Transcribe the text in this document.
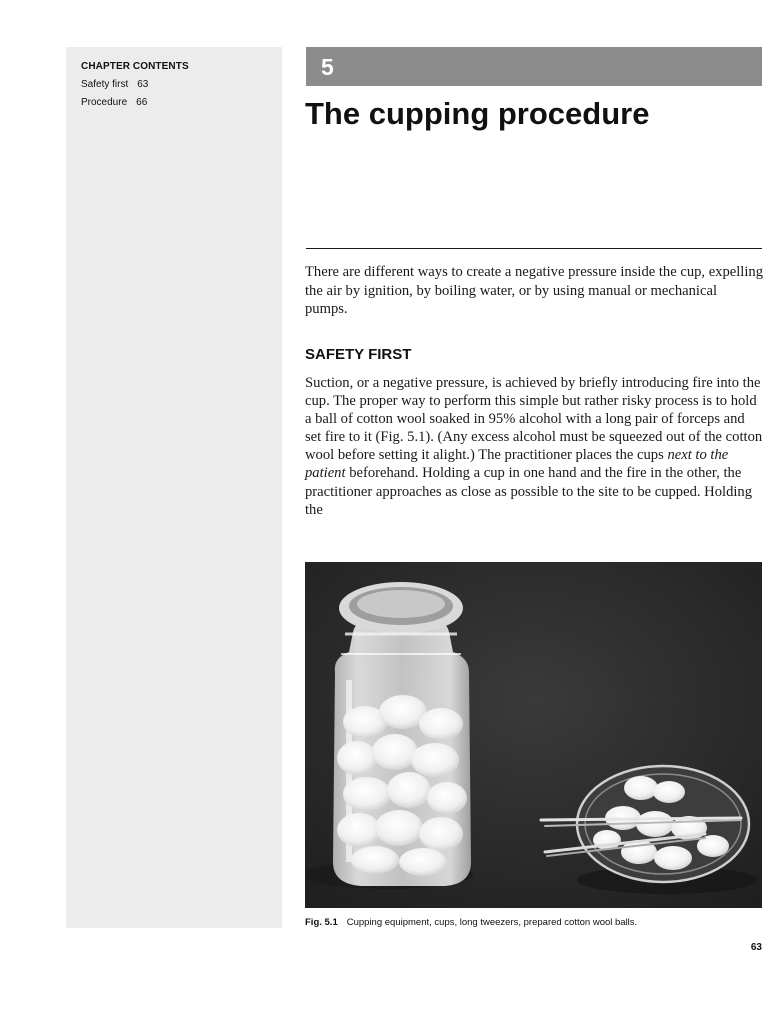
CHAPTER CONTENTS
Safety first 63
Procedure 66
5
The cupping procedure

There are different ways to create a negative pressure inside the cup, expelling the air by ignition, by boiling water, or by using manual or mechanical pumps.

SAFETY FIRST

Suction, or a negative pressure, is achieved by briefly introducing fire into the cup. The proper way to perform this simple but rather risky process is to hold a ball of cotton wool soaked in 95% alcohol with a long pair of forceps and set fire to it (Fig. 5.1). (Any excess alcohol must be squeezed out of the cotton wool before setting it alight.) The practitioner places the cups next to the patient beforehand. Holding a cup in one hand and the fire in the other, the practitioner approaches as close as possible to the site to be cupped. Holding the

Fig. 5.1 Cupping equipment, cups, long tweezers, prepared cotton wool balls.

63
